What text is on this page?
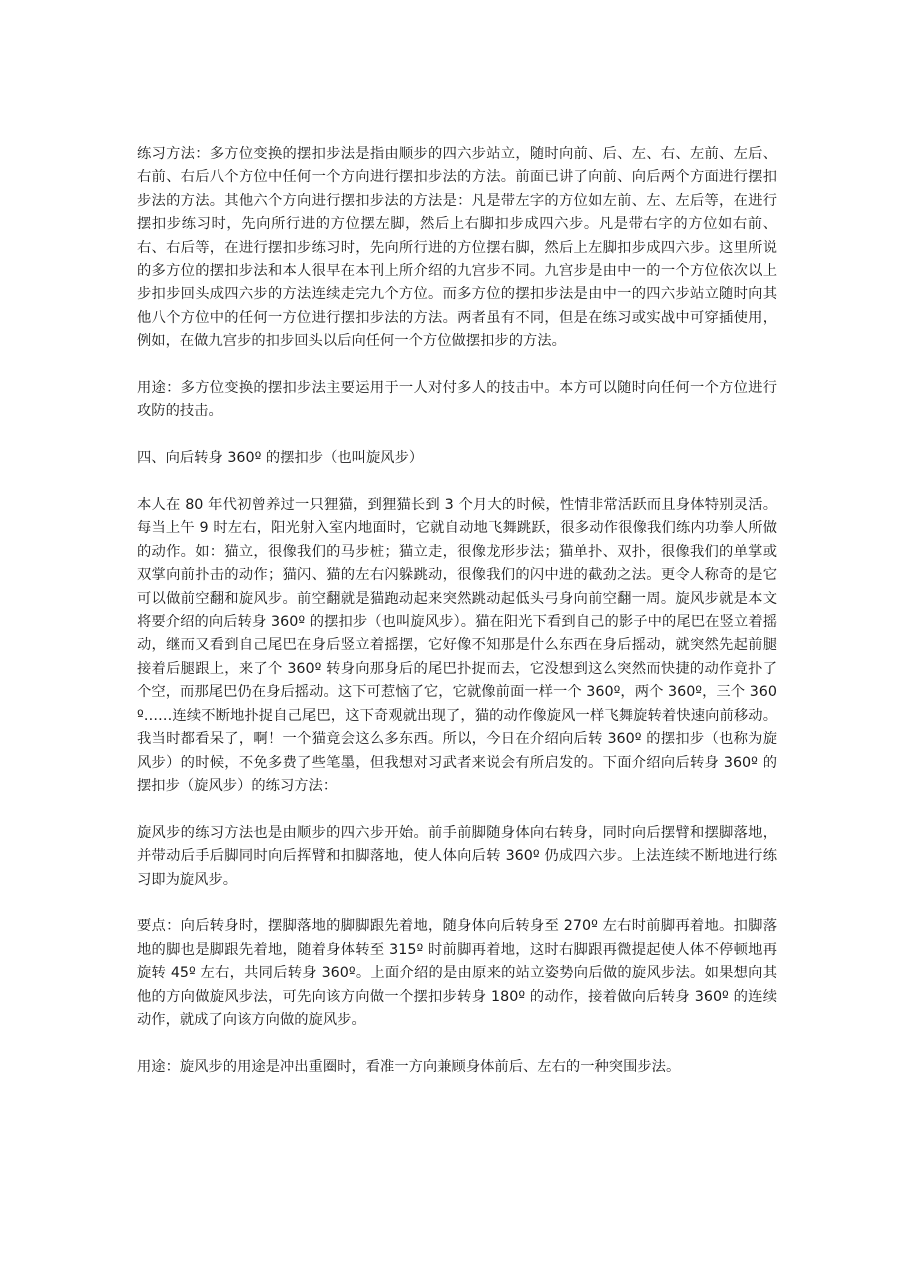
练习方法：多方位变换的摆扣步法是指由顺步的四六步站立，随时向前、后、左、右、左前、左后、右前、右后八个方位中任何一个方向进行摆扣步法的方法。前面已讲了向前、向后两个方面进行摆扣步法的方法。其他六个方向进行摆扣步法的方法是：凡是带左字的方位如左前、左、左后等，在进行摆扣步练习时，先向所行进的方位摆左脚，然后上右脚扣步成四六步。凡是带右字的方位如右前、右、右后等，在进行摆扣步练习时，先向所行进的方位摆右脚，然后上左脚扣步成四六步。这里所说的多方位的摆扣步法和本人很早在本刊上所介绍的九宫步不同。九宫步是由中一的一个方位依次以上步扣步回头成四六步的方法连续走完九个方位。而多方位的摆扣步法是由中一的四六步站立随时向其他八个方位中的任何一方位进行摆扣步法的方法。两者虽有不同，但是在练习或实战中可穿插使用，例如，在做九宫步的扣步回头以后向任何一个方位做摆扣步的方法。

用途：多方位变换的摆扣步法主要运用于一人对付多人的技击中。本方可以随时向任何一个方位进行攻防的技击。

四、向后转身 360º 的摆扣步（也叫旋风步）

本人在 80 年代初曾养过一只狸猫，到狸猫长到 3 个月大的时候，性情非常活跃而且身体特别灵活。每当上午 9 时左右，阳光射入室内地面时，它就自动地飞舞跳跃，很多动作很像我们练内功拳人所做的动作。如：猫立，很像我们的马步桩；猫立走，很像龙形步法；猫单扑、双扑，很像我们的单掌或双掌向前扑击的动作；猫闪、猫的左右闪躲跳动，很像我们的闪中进的截劲之法。更令人称奇的是它可以做前空翻和旋风步。前空翻就是猫跑动起来突然跳动起低头弓身向前空翻一周。旋风步就是本文将要介绍的向后转身 360º 的摆扣步（也叫旋风步）。猫在阳光下看到自己的影子中的尾巴在竖立着摇动，继而又看到自己尾巴在身后竖立着摇摆，它好像不知那是什么东西在身后摇动，就突然先起前腿接着后腿跟上，来了个 360º 转身向那身后的尾巴扑捉而去，它没想到这么突然而快捷的动作竟扑了个空，而那尾巴仍在身后摇动。这下可惹恼了它，它就像前面一样一个 360º，两个 360º，三个 360º……连续不断地扑捉自己尾巴，这下奇观就出现了，猫的动作像旋风一样飞舞旋转着快速向前移动。我当时都看呆了，啊！一个猫竟会这么多东西。所以，今日在介绍向后转 360º 的摆扣步（也称为旋风步）的时候，不免多费了些笔墨，但我想对习武者来说会有所启发的。下面介绍向后转身 360º 的摆扣步（旋风步）的练习方法：

旋风步的练习方法也是由顺步的四六步开始。前手前脚随身体向右转身，同时向后摆臂和摆脚落地，并带动后手后脚同时向后挥臂和扣脚落地，使人体向后转 360º 仍成四六步。上法连续不断地进行练习即为旋风步。

要点：向后转身时，摆脚落地的脚脚跟先着地，随身体向后转身至 270º 左右时前脚再着地。扣脚落地的脚也是脚跟先着地，随着身体转至 315º 时前脚再着地，这时右脚跟再微提起使人体不停顿地再旋转 45º 左右，共同后转身 360º。上面介绍的是由原来的站立姿势向后做的旋风步法。如果想向其他的方向做旋风步法，可先向该方向做一个摆扣步转身 180º 的动作，接着做向后转身 360º 的连续动作，就成了向该方向做的旋风步。

用途：旋风步的用途是冲出重圈时，看准一方向兼顾身体前后、左右的一种突围步法。
